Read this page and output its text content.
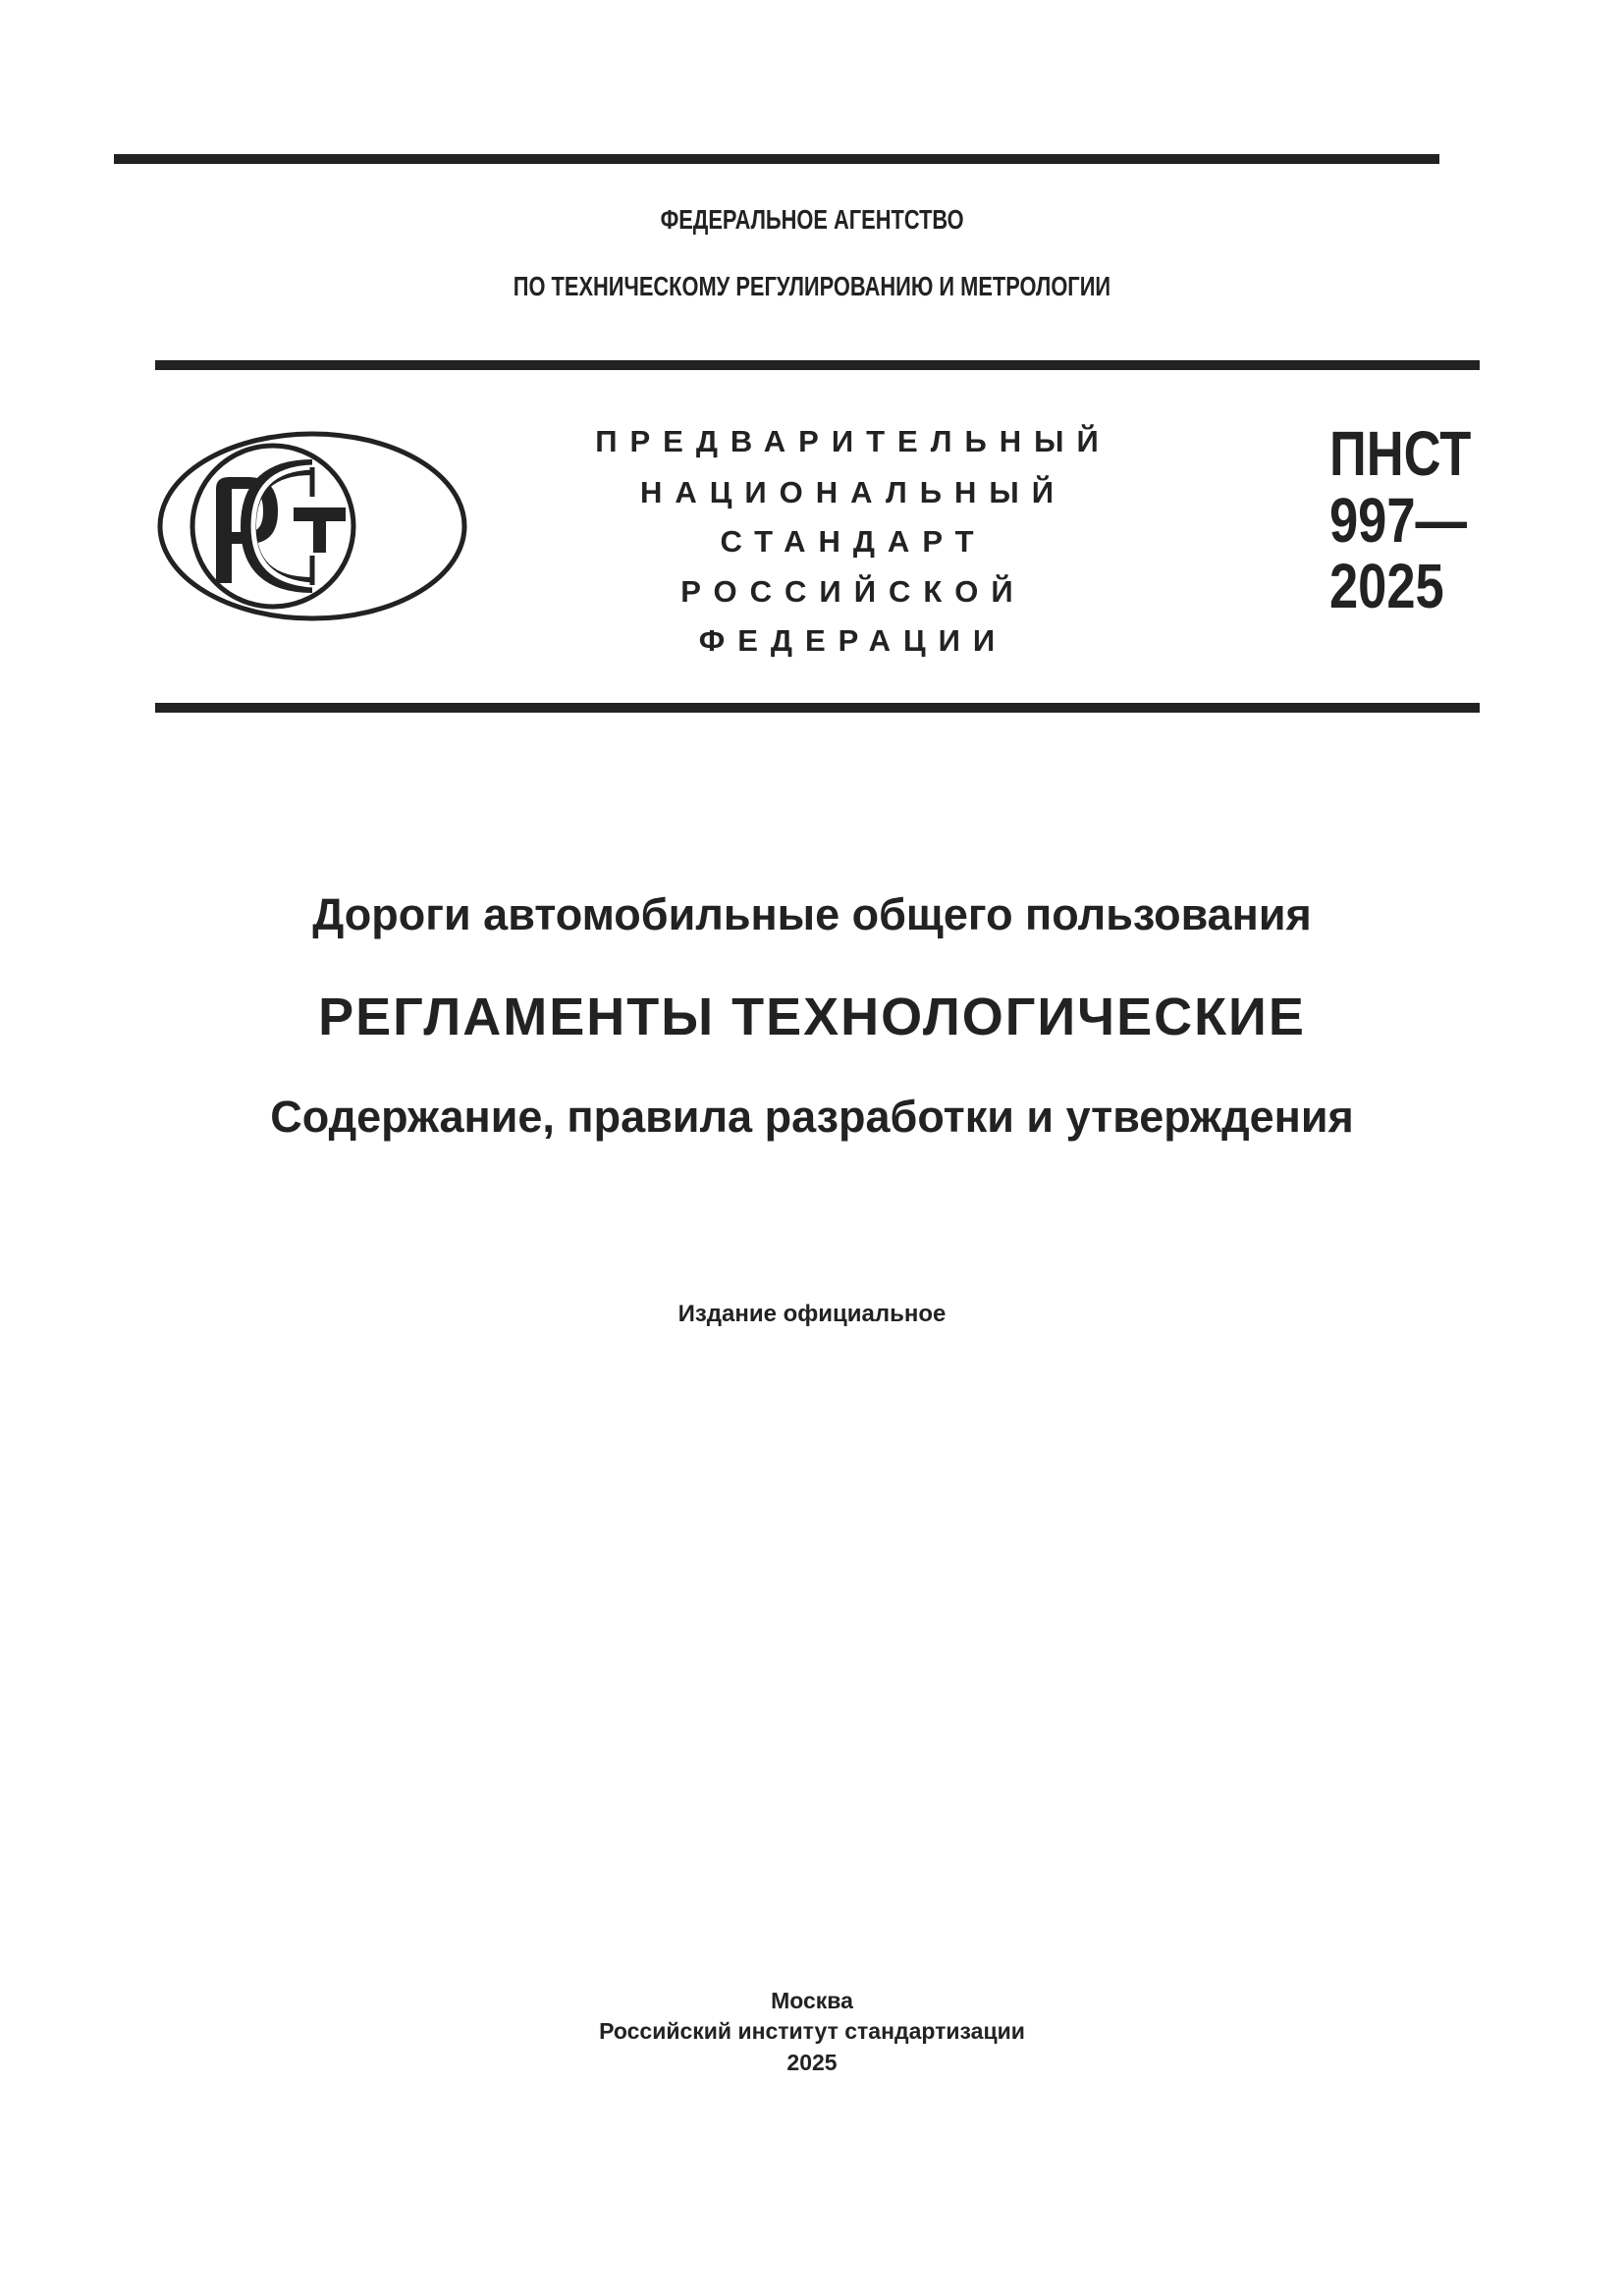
ФЕДЕРАЛЬНОЕ АГЕНТСТВО
ПО ТЕХНИЧЕСКОМУ РЕГУЛИРОВАНИЮ И МЕТРОЛОГИИ
ПРЕДВАРИТЕЛЬНЫЙ
НАЦИОНАЛЬНЫЙ
СТАНДАРТ
РОССИЙСКОЙ
ФЕДЕРАЦИИ
ПНСТ
997—
2025
Дороги автомобильные общего пользования
РЕГЛАМЕНТЫ ТЕХНОЛОГИЧЕСКИЕ
Содержание, правила разработки и утверждения
Издание официальное
Москва
Российский институт стандартизации
2025
